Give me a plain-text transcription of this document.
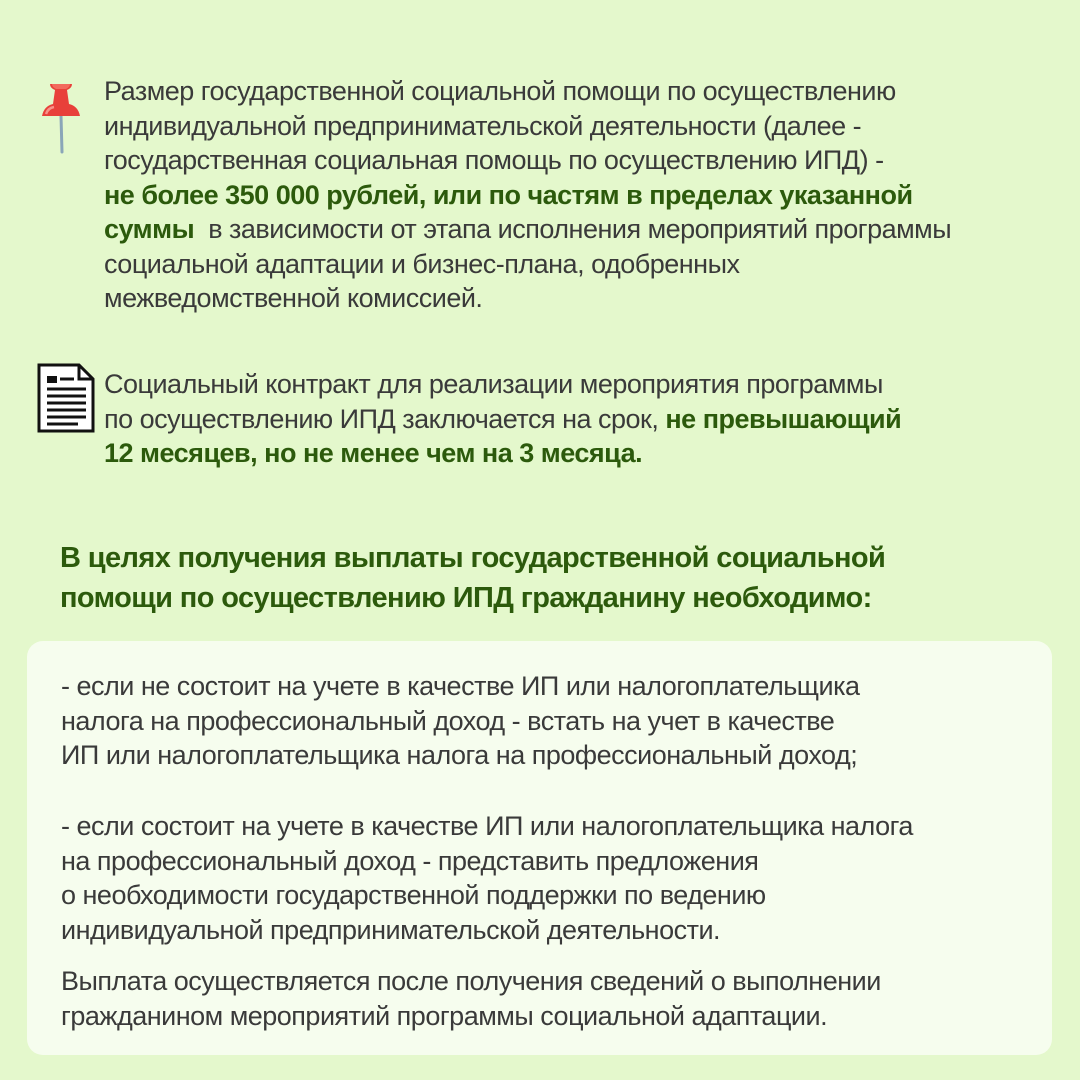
Размер государственной социальной помощи по осуществлению
индивидуальной предпринимательской деятельности (далее -
государственная социальная помощь по осуществлению ИПД) -
не более 350 000 рублей, или по частям в пределах указанной
суммы  в зависимости от этапа исполнения мероприятий программы
социальной адаптации и бизнес-плана, одобренных
межведомственной комиссией.
Социальный контракт для реализации мероприятия программы
по осуществлению ИПД заключается на срок, не превышающий
12 месяцев, но не менее чем на 3 месяца.
В целях получения выплаты государственной социальной
помощи по осуществлению ИПД гражданину необходимо:

- если не состоит на учете в качестве ИП или налогоплательщика
налога на профессиональный доход - встать на учет в качестве
ИП или налогоплательщика налога на профессиональный доход;

- если состоит на учете в качестве ИП или налогоплательщика налога
на профессиональный доход - представить предложения
о необходимости государственной поддержки по ведению
индивидуальной предпринимательской деятельности.

Выплата осуществляется после получения сведений о выполнении
гражданином мероприятий программы социальной адаптации.
